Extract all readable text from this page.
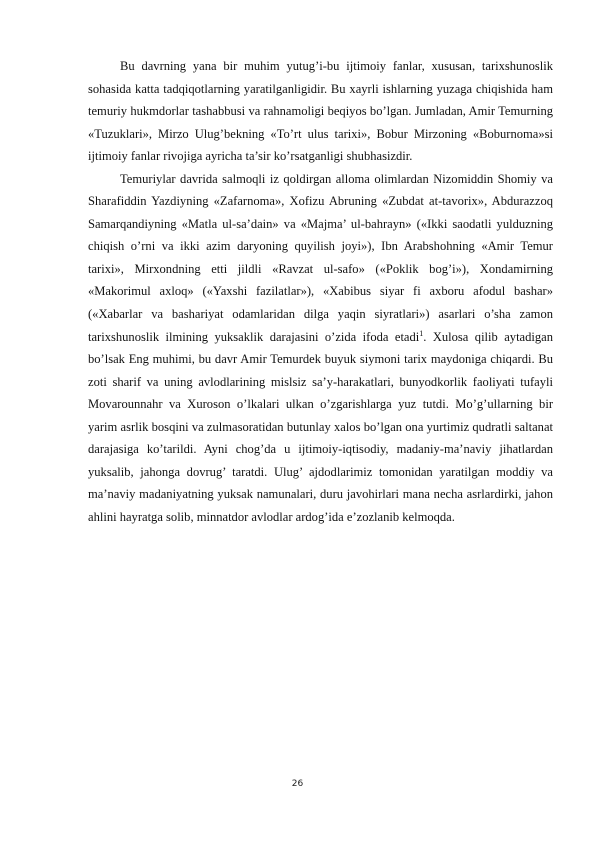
Bu davrning yana bir muhim yutug’i-bu ijtimoiy fanlar, xususan, tarixshunoslik sohasida katta tadqiqotlarning yaratilganligidir. Bu xayrli ishlarning yuzaga chiqishida ham temuriy hukmdorlar tashabbusi va rahnamoligi beqiyos bo’lgan. Jumladan, Amir Temurning «Tuzuklari», Mirzo Ulug’bekning «To’rt ulus tarixi», Bobur Mirzoning «Boburnoma»si ijtimoiy fanlar rivojiga ayricha ta’sir ko’rsatganligi shubhasizdir.

Temuriylar davrida salmoqli iz qoldirgan alloma olimlardan Nizomiddin Shomiy va Sharafiddin Yazdiyning «Zafarnoma», Xofizu Abruning «Zubdat at-tavorix», Abdurazzoq Samarqandiyning «Matla ul-sa’dain» va «Majma’ ul-bahrayn» («Ikki saodatli yulduzning chiqish o’rni va ikki azim daryoning quyilish joyi»), Ibn Arabshohning «Amir Temur tarixi», Mirxondning etti jildli «Ravzat ul-safo» («Poklik bog’i»), Xondamirning «Makorimul axloq» («Yaxshi fazilatlar»), «Xabibus siyar fi axboru afodul bashar» («Xabarlar va bashariyat odamlaridan dilga yaqin siyratlari») asarlari o’sha zamon tarixshunoslik ilmining yuksaklik darajasini o’zida ifoda etadi$^1$. Xulosa qilib aytadigan bo’lsak Eng muhimi, bu davr Amir Temurdek buyuk siymoni tarix maydoniga chiqardi. Bu zoti sharif va uning avlodlarining mislsiz sa’y-harakatlari, bunyodkorlik faoliyati tufayli Movarounnahr va Xuroson o’lkalari ulkan o’zgarishlarga yuz tutdi. Mo’g’ullarning bir yarim asrlik bosqini va zulmasoratidan butunlay xalos bo’lgan ona yurtimiz qudratli saltanat darajasiga ko’tarildi. Ayni chog’da u ijtimoiy-iqtisodiy, madaniy-ma’naviy jihatlardan yuksalib, jahonga dovrug’ taratdi. Ulug’ ajdodlarimiz tomonidan yaratilgan moddiy va ma’naviy madaniyatning yuksak namunalari, duru javohirlari mana necha asrlardirki, jahon ahlini hayratga solib, minnatdor avlodlar ardog’ida e’zozlanib kelmoqda.

26
